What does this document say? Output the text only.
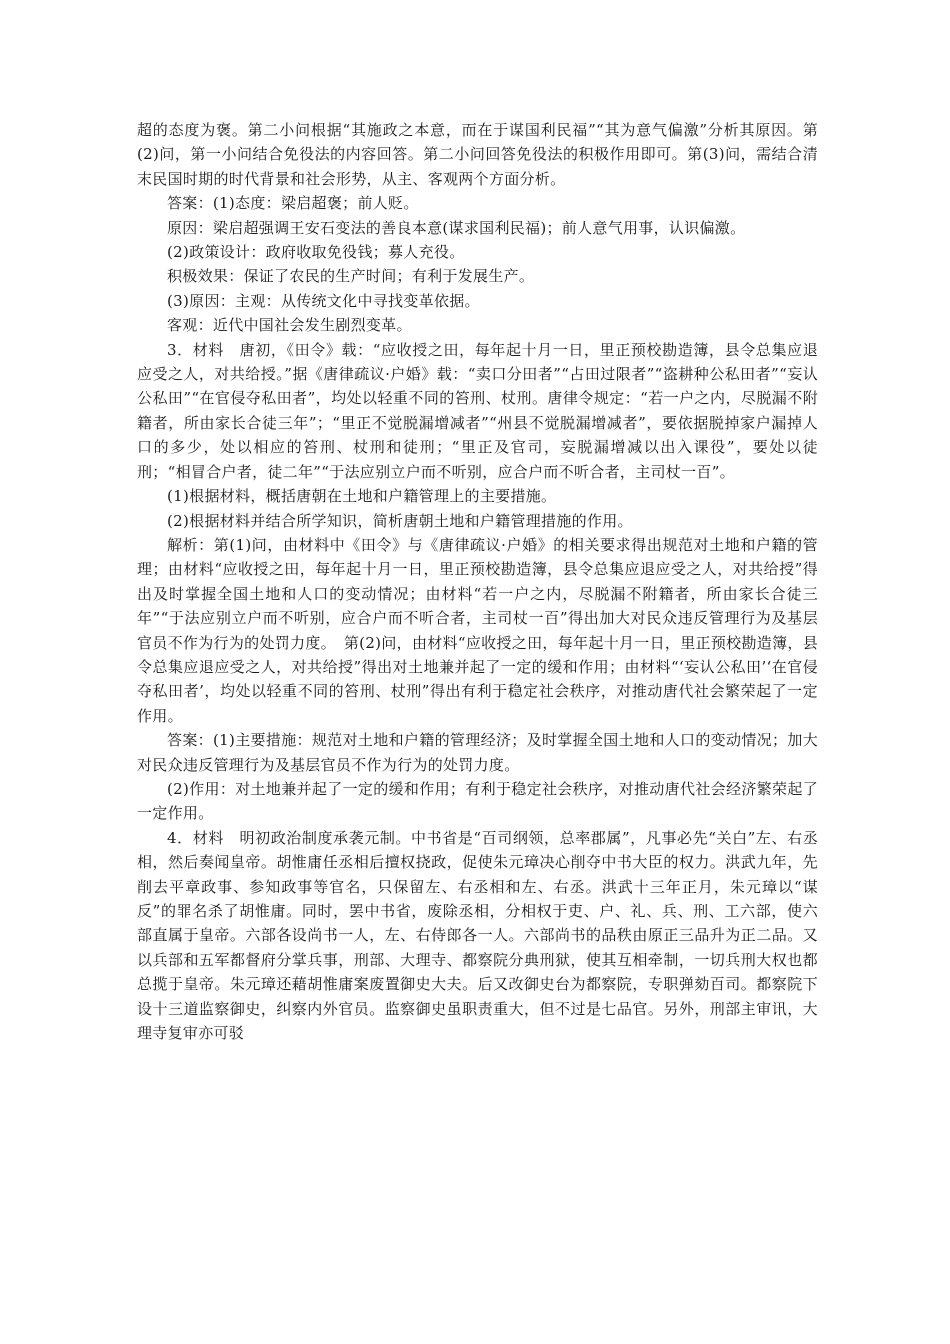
超的态度为褒。第二小问根据“其施政之本意，而在于谋国利民福”“其为意气偏激”分析其原因。第(2)问，第一小问结合免役法的内容回答。第二小问回答免役法的积极作用即可。第(3)问，需结合清末民国时期的时代背景和社会形势，从主、客观两个方面分析。

答案：(1)态度：梁启超褒；前人贬。

原因：梁启超强调王安石变法的善良本意(谋求国利民福)；前人意气用事，认识偏激。

(2)政策设计：政府收取免役钱；募人充役。

积极效果：保证了农民的生产时间；有利于发展生产。

(3)原因：主观：从传统文化中寻找变革依据。

客观：近代中国社会发生剧烈变革。

3．材料　唐初，《田令》载：“应收授之田，每年起十月一日，里正预校勘造簿，县令总集应退应受之人，对共给授。”据《唐律疏议·户婚》载：“卖口分田者”“占田过限者”“盗耕种公私田者”“妄认公私田”“在官侵夺私田者”，均处以轻重不同的笞刑、杖刑。唐律令规定：“若一户之内，尽脱漏不附籍者，所由家长合徒三年”；“里正不觉脱漏增减者”“州县不觉脱漏增减者”，要依据脱掉家户漏掉人口的多少，处以相应的笞刑、杖刑和徒刑；“里正及官司，妄脱漏增减以出入课役”，要处以徒刑；“相冒合户者，徒二年”“于法应别立户而不听别，应合户而不听合者，主司杖一百”。

(1)根据材料，概括唐朝在土地和户籍管理上的主要措施。

(2)根据材料并结合所学知识，简析唐朝土地和户籍管理措施的作用。

解析：第(1)问，由材料中《田令》与《唐律疏议·户婚》的相关要求得出规范对土地和户籍的管理；由材料“应收授之田，每年起十月一日，里正预校勘造簿，县令总集应退应受之人，对共给授”得出及时掌握全国土地和人口的变动情况；由材料“若一户之内，尽脱漏不附籍者，所由家长合徒三年”“于法应别立户而不听别，应合户而不听合者，主司杖一百”得出加大对民众违反管理行为及基层官员不作为行为的处罚力度。　第(2)问，由材料“应收授之田，每年起十月一日，里正预校勘造簿，县令总集应退应受之人，对共给授”得出对土地兼并起了一定的缓和作用；由材料“‘妄认公私田’‘在官侵夺私田者’，均处以轻重不同的笞刑、杖刑”得出有利于稳定社会秩序，对推动唐代社会繁荣起了一定作用。

答案：(1)主要措施：规范对土地和户籍的管理经济；及时掌握全国土地和人口的变动情况；加大对民众违反管理行为及基层官员不作为行为的处罚力度。

(2)作用：对土地兼并起了一定的缓和作用；有利于稳定社会秩序，对推动唐代社会经济繁荣起了一定作用。

4．材料　明初政治制度承袭元制。中书省是“百司纲领，总率郡属”，凡事必先“关白”左、右丞相，然后奏闻皇帝。胡惟庸任丞相后擅权挠政，促使朱元璋决心削夺中书大臣的权力。洪武九年，先削去平章政事、参知政事等官名，只保留左、右丞相和左、右丞。洪武十三年正月，朱元璋以“谋反”的罪名杀了胡惟庸。同时，罢中书省，废除丞相，分相权于吏、户、礼、兵、刑、工六部，使六部直属于皇帝。六部各设尚书一人，左、右侍郎各一人。六部尚书的品秩由原正三品升为正二品。又以兵部和五军都督府分掌兵事，刑部、大理寺、都察院分典刑狱，使其互相牵制，一切兵刑大权也都总揽于皇帝。朱元璋还藉胡惟庸案废置御史大夫。后又改御史台为都察院，专职弹劾百司。都察院下设十三道监察御史，纠察内外官员。监察御史虽职责重大，但不过是七品官。另外，刑部主审讯，大理寺复审亦可驳
